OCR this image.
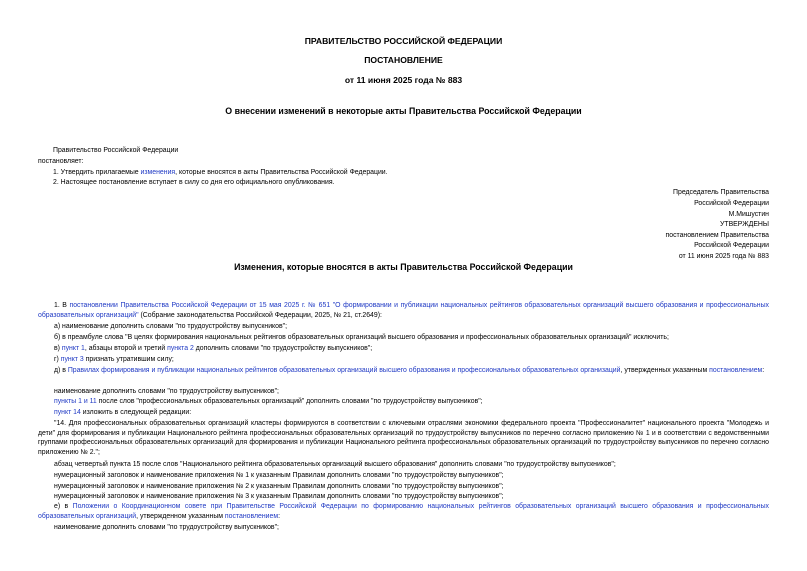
ПРАВИТЕЛЬСТВО РОССИЙСКОЙ ФЕДЕРАЦИИ
ПОСТАНОВЛЕНИЕ
от 11 июня 2025 года № 883
О внесении изменений в некоторые акты Правительства Российской Федерации
Правительство Российской Федерации
постановляет:
1. Утвердить прилагаемые изменения, которые вносятся в акты Правительства Российской Федерации.
2. Настоящее постановление вступает в силу со дня его официального опубликования.
Председатель Правительства
Российской Федерации
М.Мишустин
УТВЕРЖДЕНЫ
постановлением Правительства
Российской Федерации
от 11 июня 2025 года № 883
Изменения, которые вносятся в акты Правительства Российской Федерации
1. В постановлении Правительства Российской Федерации от 15 мая 2025 г. № 651 "О формировании и публикации национальных рейтингов образовательных организаций высшего образования и профессиональных образовательных организаций" (Собрание законодательства Российской Федерации, 2025, № 21, ст.2649):
а) наименование дополнить словами "по трудоустройству выпускников";
б) в преамбуле слова "В целях формирования национальных рейтингов образовательных организаций высшего образования и профессиональных образовательных организаций" исключить;
в) пункт 1, абзацы второй и третий пункта 2 дополнить словами "по трудоустройству выпускников";
г) пункт 3 признать утратившим силу;
д) в Правилах формирования и публикации национальных рейтингов образовательных организаций высшего образования и профессиональных образовательных организаций, утвержденных указанным постановлением:
наименование дополнить словами "по трудоустройству выпускников";
пункты 1 и 11 после слов "профессиональных образовательных организаций" дополнить словами "по трудоустройству выпускников";
пункт 14 изложить в следующей редакции:
"14. Для профессиональных образовательных организаций кластеры формируются в соответствии с ключевыми отраслями экономики федерального проекта "Профессионалитет" национального проекта "Молодежь и дети" для формирования и публикации Национального рейтинга профессиональных образовательных организаций по трудоустройству выпускников по перечню согласно приложению № 1 и в соответствии с ведомственными группами профессиональных образовательных организаций для формирования и публикации Национального рейтинга профессиональных образовательных организаций по трудоустройству выпускников по перечню согласно приложению № 2.";
абзац четвертый пункта 15 после слов "Национального рейтинга образовательных организаций высшего образования" дополнить словами "по трудоустройству выпускников";
нумерационный заголовок и наименование приложения № 1 к указанным Правилам дополнить словами "по трудоустройству выпускников";
нумерационный заголовок и наименование приложения № 2 к указанным Правилам дополнить словами "по трудоустройству выпускников";
нумерационный заголовок и наименование приложения № 3 к указанным Правилам дополнить словами "по трудоустройству выпускников";
е) в Положении о Координационном совете при Правительстве Российской Федерации по формированию национальных рейтингов образовательных организаций высшего образования и профессиональных образовательных организаций, утвержденном указанным постановлением:
наименование дополнить словами "по трудоустройству выпускников";
